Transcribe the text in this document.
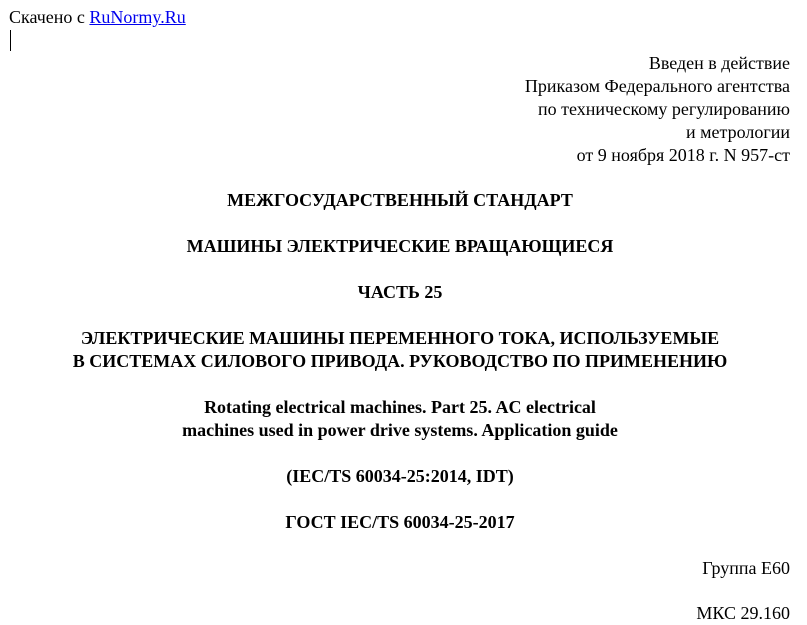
Скачено с RuNormy.Ru
Введен в действие
Приказом Федерального агентства
по техническому регулированию
и метрологии
от 9 ноября 2018 г. N 957-ст
МЕЖГОСУДАРСТВЕННЫЙ СТАНДАРТ
МАШИНЫ ЭЛЕКТРИЧЕСКИЕ ВРАЩАЮЩИЕСЯ
ЧАСТЬ 25
ЭЛЕКТРИЧЕСКИЕ МАШИНЫ ПЕРЕМЕННОГО ТОКА, ИСПОЛЬЗУЕМЫЕ
В СИСТЕМАХ СИЛОВОГО ПРИВОДА. РУКОВОДСТВО ПО ПРИМЕНЕНИЮ
Rotating electrical machines. Part 25. AC electrical
machines used in power drive systems. Application guide
(IEC/TS 60034-25:2014, IDT)
ГОСТ IEC/TS 60034-25-2017
Группа Е60
МКС 29.160
